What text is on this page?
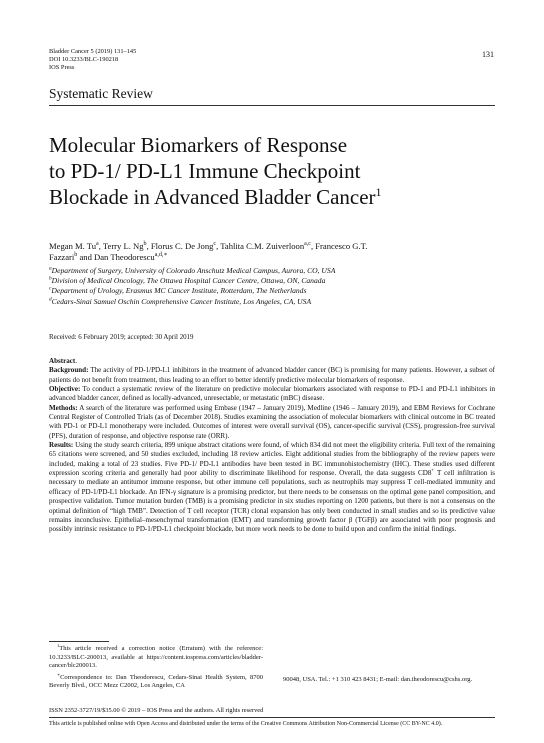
Bladder Cancer 5 (2019) 131–145
DOI 10.3233/BLC-190218
IOS Press
131
Systematic Review
Molecular Biomarkers of Response
to PD-1/ PD-L1 Immune Checkpoint
Blockade in Advanced Bladder Cancer$^1$
Megan M. Tu$^a$, Terry L. Ng$^b$, Florus C. De Jong$^c$, Tahlita C.M. Zuiverloon$^{a,c}$, Francesco G.T.
Fazzari$^b$ and Dan Theodorescu$^{a,d,∗}$
$^a$Department of Surgery, University of Colorado Anschutz Medical Campus, Aurora, CO, USA
$^b$Division of Medical Oncology, The Ottawa Hospital Cancer Centre, Ottawa, ON, Canada
$^c$Department of Urology, Erasmus MC Cancer Institute, Rotterdam, The Netherlands
$^d$Cedars-Sinai Samuel Oschin Comprehensive Cancer Institute, Los Angeles, CA, USA
Received: 6 February 2019; accepted: 30 April 2019

Abstract.

Background: The activity of PD-1/PD-L1 inhibitors in the treatment of advanced bladder cancer (BC) is promising for many patients. However, a subset of patients do not benefit from treatment, thus leading to an effort to better identify predictive molecular biomarkers of response.

Objective: To conduct a systematic review of the literature on predictive molecular biomarkers associated with response to PD-1 and PD-L1 inhibitors in advanced bladder cancer, defined as locally-advanced, unresectable, or metastatic (mBC) disease.

Methods: A search of the literature was performed using Embase (1947 – January 2019), Medline (1946 – January 2019), and EBM Reviews for Cochrane Central Register of Controlled Trials (as of December 2018). Studies examining the association of molecular biomarkers with clinical outcome in BC treated with PD-1 or PD-L1 monotherapy were included. Outcomes of interest were overall survival (OS), cancer-specific survival (CSS), progression-free survival (PFS), duration of response, and objective response rate (ORR).

Results: Using the study search criteria, 899 unique abstract citations were found, of which 834 did not meet the eligibility criteria. Full text of the remaining 65 citations were screened, and 50 studies excluded, including 18 review articles. Eight additional studies from the bibliography of the review papers were included, making a total of 23 studies. Five PD-1/ PD-L1 antibodies have been tested in BC immunohistochemistry (IHC). These studies used different expression scoring criteria and generally had poor ability to discriminate likelihood for response. Overall, the data suggests CD8+ T cell infiltration is necessary to mediate an antitumor immune response, but other immune cell populations, such as neutrophils may suppress T cell-mediated immunity and efficacy of PD-1/PD-L1 blockade. An IFN-γ signature is a promising predictor, but there needs to be consensus on the optimal gene panel composition, and prospective validation. Tumor mutation burden (TMB) is a promising predictor in six studies reporting on 1200 patients, but there is not a consensus on the optimal definition of “high TMB”. Detection of T cell receptor (TCR) clonal expansion has only been conducted in small studies and so its predictive value remains inconclusive. Epithelial–mesenchymal transformation (EMT) and transforming growth factor β (TGFβ) are associated with poor prognosis and possibly intrinsic resistance to PD-1/PD-L1 checkpoint blockade, but more work needs to be done to build upon and confirm the initial findings.

$^1$This article received a correction notice (Erratum) with the reference: 10.3233/BLC-200013, available at https://content.iospress.com/articles/bladder-cancer/blc200013.

∗Correspondence to: Dan Theodorescu, Cedars-Sinai Health System, 8700 Beverly Blvd., OCC Mezz C2002, Los Angeles, CA

90048, USA. Tel.: +1 310 423 8431; E-mail: dan.theodorescu@cshs.org.
ISSN 2352-3727/19/$35.00 © 2019 – IOS Press and the authors. All rights reserved
This article is published online with Open Access and distributed under the terms of the Creative Commons Attribution Non-Commercial License (CC BY-NC 4.0).
